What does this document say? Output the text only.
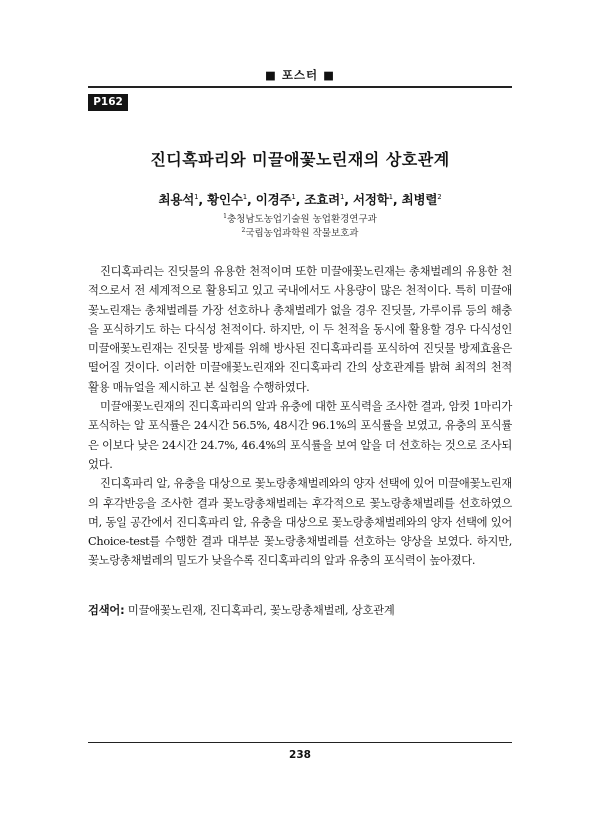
■ 포스터 ■
P162
진디혹파리와 미끌애꽃노린재의 상호관계
최용석$^1$, 황인수$^1$, 이경주$^1$, 조효려$^1$, 서정학$^1$, 최병렬$^2$
$^1$충청남도농업기술원 농업환경연구과
$^2$국립농업과학원 작물보호과

진디혹파리는 진딧물의 유용한 천적이며 또한 미끌애꽃노린재는 총채벌레의 유용한 천적으로서 전 세계적으로 활용되고 있고 국내에서도 사용량이 많은 천적이다. 특히 미끌애꽃노린재는 총채벌레를 가장 선호하나 총채벌레가 없을 경우 진딧물, 가루이류 등의 해충을 포식하기도 하는 다식성 천적이다. 하지만, 이 두 천적을 동시에 활용할 경우 다식성인 미끌애꽃노린재는 진딧물 방제를 위해 방사된 진디혹파리를 포식하여 진딧물 방제효율은 떨어질 것이다. 이러한 미끌애꽃노린재와 진디혹파리 간의 상호관계를 밝혀 최적의 천적 활용 매뉴얼을 제시하고 본 실험을 수행하였다.

미끌애꽃노린재의 진디혹파리의 알과 유충에 대한 포식력을 조사한 결과, 암컷 1마리가 포식하는 알 포식률은 24시간 56.5%, 48시간 96.1%의 포식률을 보였고, 유충의 포식률은 이보다 낮은 24시간 24.7%, 46.4%의 포식률을 보여 알을 더 선호하는 것으로 조사되었다.

진디혹파리 알, 유충을 대상으로 꽃노랑총채벌레와의 양자 선택에 있어 미끌애꽃노린재의 후각반응을 조사한 결과 꽃노랑총채벌레는 후각적으로 꽃노랑총채벌레를 선호하였으며, 동일 공간에서 진디혹파리 알, 유충을 대상으로 꽃노랑총채벌레와의 양자 선택에 있어 Choice-test를 수행한 결과 대부분 꽃노랑총채벌레를 선호하는 양상을 보였다. 하지만, 꽃노랑총채벌레의 밀도가 낮을수록 진디혹파리의 알과 유충의 포식력이 높아졌다.

검색어: 미끌애꽃노린재, 진디혹파리, 꽃노랑총채벌레, 상호관계
238
